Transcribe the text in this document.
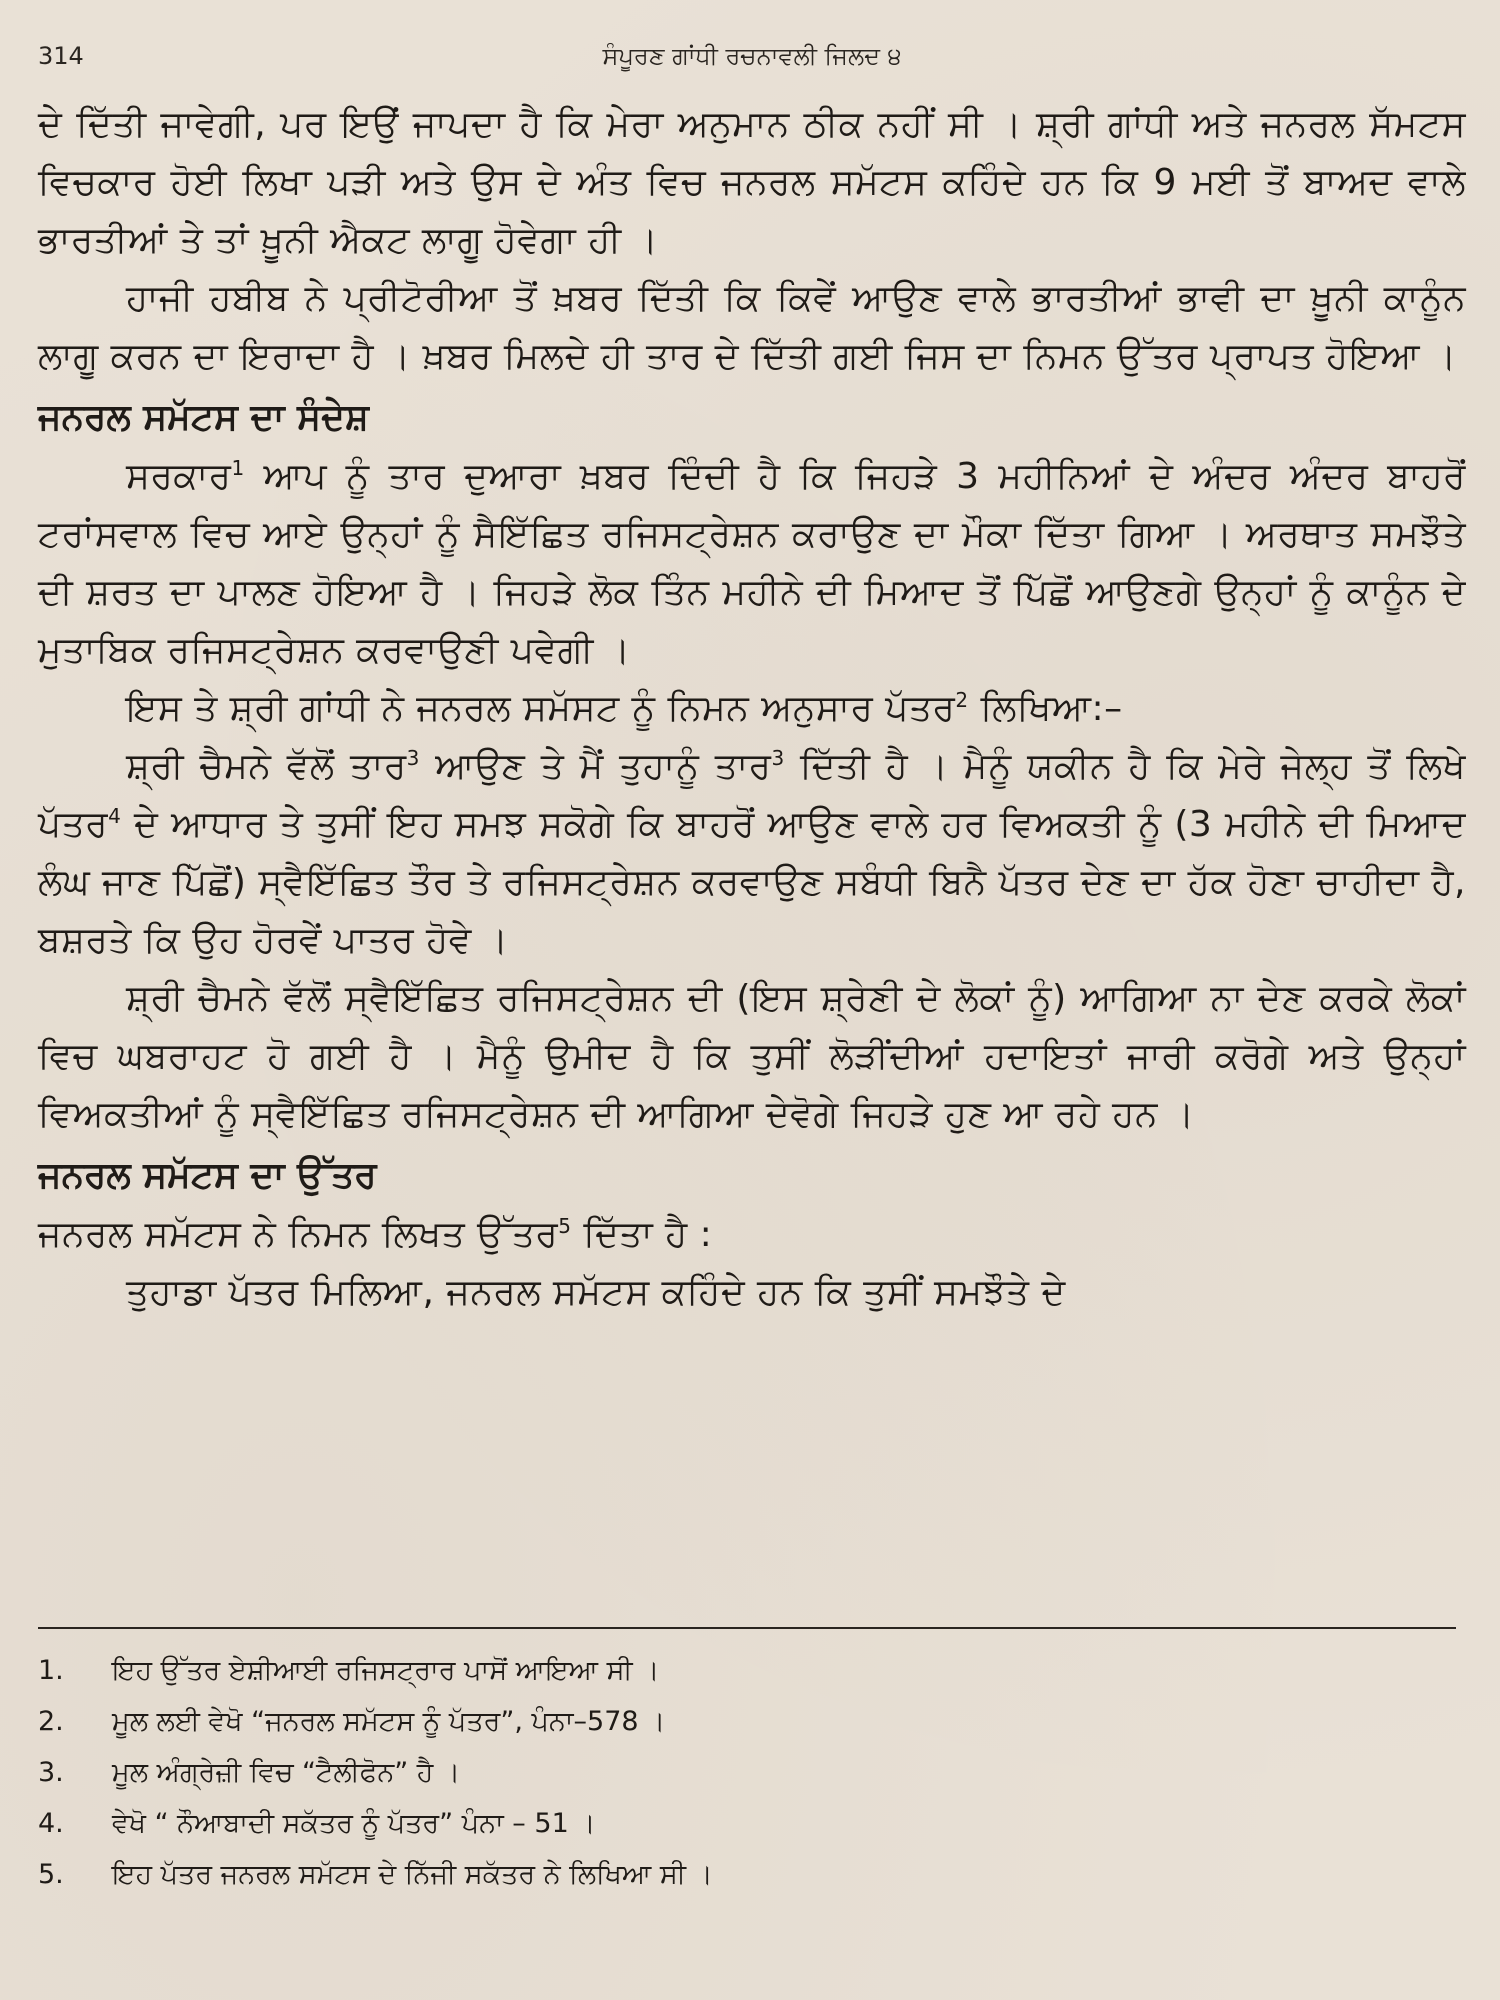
314	ਸੰਪੂਰਣ ਗਾਂਧੀ ਰਚਨਾਵਲੀ ਜਿਲਦ ੪

ਦੇ ਦਿੱਤੀ ਜਾਵੇਗੀ, ਪਰ ਇਉਂ ਜਾਪਦਾ ਹੈ ਕਿ ਮੇਰਾ ਅਨੁਮਾਨ ਠੀਕ ਨਹੀਂ ਸੀ । ਸ਼੍ਰੀ ਗਾਂਧੀ ਅਤੇ ਜਨਰਲ ਸੱਮਟਸ ਵਿਚਕਾਰ ਹੋਈ ਲਿਖਾ ਪੜੀ ਅਤੇ ਉਸ ਦੇ ਅੰਤ ਵਿਚ ਜਨਰਲ ਸਮੱਟਸ ਕਹਿੰਦੇ ਹਨ ਕਿ 9 ਮਈ ਤੋਂ ਬਾਅਦ ਵਾਲੇ ਭਾਰਤੀਆਂ ਤੇ ਤਾਂ ਖ਼ੂਨੀ ਐਕਟ ਲਾਗੂ ਹੋਵੇਗਾ ਹੀ ।

ਹਾਜੀ ਹਬੀਬ ਨੇ ਪ੍ਰੀਟੋਰੀਆ ਤੋਂ ਖ਼ਬਰ ਦਿੱਤੀ ਕਿ ਕਿਵੇਂ ਆਉਣ ਵਾਲੇ ਭਾਰਤੀਆਂ ਭਾਵੀ ਦਾ ਖ਼ੂਨੀ ਕਾਨੂੰਨ ਲਾਗੂ ਕਰਨ ਦਾ ਇਰਾਦਾ ਹੈ । ਖ਼ਬਰ ਮਿਲਦੇ ਹੀ ਤਾਰ ਦੇ ਦਿੱਤੀ ਗਈ ਜਿਸ ਦਾ ਨਿਮਨ ਉੱਤਰ ਪ੍ਰਾਪਤ ਹੋਇਆ ।

ਜਨਰਲ ਸਮੱਟਸ ਦਾ ਸੰਦੇਸ਼

ਸਰਕਾਰ$^1$ ਆਪ ਨੂੰ ਤਾਰ ਦੁਆਰਾ ਖ਼ਬਰ ਦਿੰਦੀ ਹੈ ਕਿ ਜਿਹੜੇ 3 ਮਹੀਨਿਆਂ ਦੇ ਅੰਦਰ ਅੰਦਰ ਬਾਹਰੋਂ ਟਰਾਂਸਵਾਲ ਵਿਚ ਆਏ ਉਨ੍ਹਾਂ ਨੂੰ ਸੈਇੱਛਿਤ ਰਜਿਸਟ੍ਰੇਸ਼ਨ ਕਰਾਉਣ ਦਾ ਮੌਕਾ ਦਿੱਤਾ ਗਿਆ । ਅਰਥਾਤ ਸਮਝੌਤੇ ਦੀ ਸ਼ਰਤ ਦਾ ਪਾਲਣ ਹੋਇਆ ਹੈ । ਜਿਹੜੇ ਲੋਕ ਤਿੰਨ ਮਹੀਨੇ ਦੀ ਮਿਆਦ ਤੋਂ ਪਿੱਛੋਂ ਆਉਣਗੇ ਉਨ੍ਹਾਂ ਨੂੰ ਕਾਨੂੰਨ ਦੇ ਮੁਤਾਬਿਕ ਰਜਿਸਟ੍ਰੇਸ਼ਨ ਕਰਵਾਉਣੀ ਪਵੇਗੀ ।

ਇਸ ਤੇ ਸ਼੍ਰੀ ਗਾਂਧੀ ਨੇ ਜਨਰਲ ਸਮੱਸਟ ਨੂੰ ਨਿਮਨ ਅਨੁਸਾਰ ਪੱਤਰ$^2$ ਲਿਖਿਆ:–

ਸ਼੍ਰੀ ਚੈਮਨੇ ਵੱਲੋਂ ਤਾਰ$^3$ ਆਉਣ ਤੇ ਮੈਂ ਤੁਹਾਨੂੰ ਤਾਰ$^3$ ਦਿੱਤੀ ਹੈ । ਮੈਨੂੰ ਯਕੀਨ ਹੈ ਕਿ ਮੇਰੇ ਜੇਲ੍ਹ ਤੋਂ ਲਿਖੇ ਪੱਤਰ$^4$ ਦੇ ਆਧਾਰ ਤੇ ਤੁਸੀਂ ਇਹ ਸਮਝ ਸਕੋਗੇ ਕਿ ਬਾਹਰੋਂ ਆਉਣ ਵਾਲੇ ਹਰ ਵਿਅਕਤੀ ਨੂੰ (3 ਮਹੀਨੇ ਦੀ ਮਿਆਦ ਲੰਘ ਜਾਣ ਪਿੱਛੋਂ) ਸ੍ਵੈਇੱਛਿਤ ਤੌਰ ਤੇ ਰਜਿਸਟ੍ਰੇਸ਼ਨ ਕਰਵਾਉਣ ਸਬੰਧੀ ਬਿਨੈ ਪੱਤਰ ਦੇਣ ਦਾ ਹੱਕ ਹੋਣਾ ਚਾਹੀਦਾ ਹੈ, ਬਸ਼ਰਤੇ ਕਿ ਉਹ ਹੋਰਵੇਂ ਪਾਤਰ ਹੋਵੇ ।

ਸ਼੍ਰੀ ਚੈਮਨੇ ਵੱਲੋਂ ਸ੍ਵੈਇੱਛਿਤ ਰਜਿਸਟ੍ਰੇਸ਼ਨ ਦੀ (ਇਸ ਸ਼੍ਰੇਣੀ ਦੇ ਲੋਕਾਂ ਨੂੰ) ਆਗਿਆ ਨਾ ਦੇਣ ਕਰਕੇ ਲੋਕਾਂ ਵਿਚ ਘਬਰਾਹਟ ਹੋ ਗਈ ਹੈ । ਮੈਨੂੰ ਉਮੀਦ ਹੈ ਕਿ ਤੁਸੀਂ ਲੋੜੀਂਦੀਆਂ ਹਦਾਇਤਾਂ ਜਾਰੀ ਕਰੋਗੇ ਅਤੇ ਉਨ੍ਹਾਂ ਵਿਅਕਤੀਆਂ ਨੂੰ ਸ੍ਵੈਇੱਛਿਤ ਰਜਿਸਟ੍ਰੇਸ਼ਨ ਦੀ ਆਗਿਆ ਦੇਵੋਗੇ ਜਿਹੜੇ ਹੁਣ ਆ ਰਹੇ ਹਨ ।

ਜਨਰਲ ਸਮੱਟਸ ਦਾ ਉੱਤਰ

ਜਨਰਲ ਸਮੱਟਸ ਨੇ ਨਿਮਨ ਲਿਖਤ ਉੱਤਰ$^5$ ਦਿੱਤਾ ਹੈ :

ਤੁਹਾਡਾ ਪੱਤਰ ਮਿਲਿਆ, ਜਨਰਲ ਸਮੱਟਸ ਕਹਿੰਦੇ ਹਨ ਕਿ ਤੁਸੀਂ ਸਮਝੌਤੇ ਦੇ

1.	ਇਹ ਉੱਤਰ ਏਸ਼ੀਆਈ ਰਜਿਸਟ੍ਰਾਰ ਪਾਸੋਂ ਆਇਆ ਸੀ ।
2.	ਮੂਲ ਲਈ ਵੇਖੋ “ਜਨਰਲ ਸਮੱਟਸ ਨੂੰ ਪੱਤਰ”, ਪੰਨਾ–578 ।
3.	ਮੂਲ ਅੰਗ੍ਰੇਜ਼ੀ ਵਿਚ “ਟੈਲੀਫੋਨ” ਹੈ ।
4.	ਵੇਖੋ “ ਨੌਆਬਾਦੀ ਸਕੱਤਰ ਨੂੰ ਪੱਤਰ” ਪੰਨਾ – 51 ।
5.	ਇਹ ਪੱਤਰ ਜਨਰਲ ਸਮੱਟਸ ਦੇ ਨਿੱਜੀ ਸਕੱਤਰ ਨੇ ਲਿਖਿਆ ਸੀ ।
